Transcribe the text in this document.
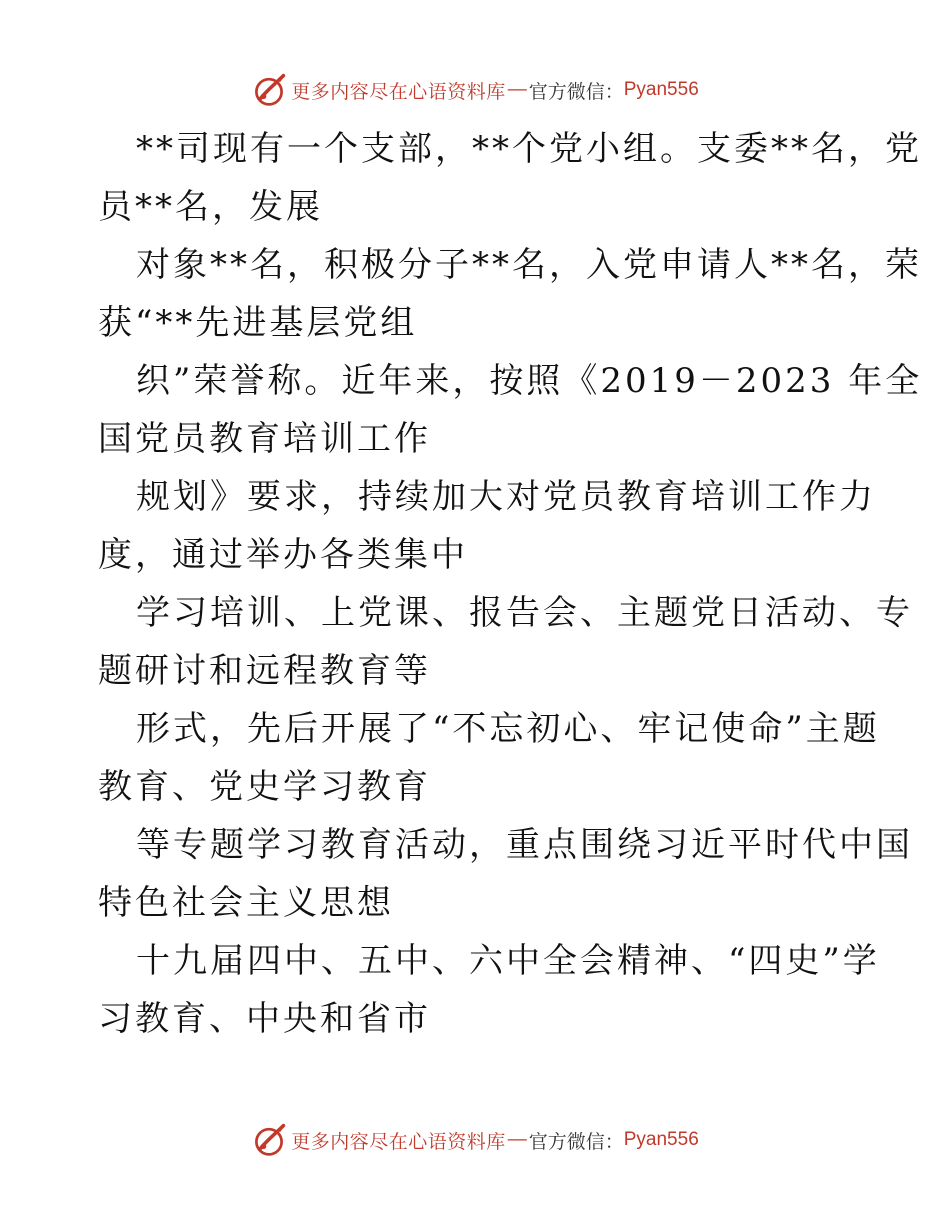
更多内容尽在心语资料库 — 官方微信： Pyan556
**司现有一个支部，**个党小组。支委**名，党
员**名，发展
对象**名，积极分子**名，入党申请人**名，荣
获“**先进基层党组
织”荣誉称。近年来，按照《2019－2023 年全
国党员教育培训工作
规划》要求，持续加大对党员教育培训工作力
度，通过举办各类集中
学习培训、上党课、报告会、主题党日活动、专
题研讨和远程教育等
形式，先后开展了“不忘初心、牢记使命”主题
教育、党史学习教育
等专题学习教育活动，重点围绕习近平时代中国
特色社会主义思想
十九届四中、五中、六中全会精神、“四史”学
习教育、中央和省市
更多内容尽在心语资料库 — 官方微信： Pyan556
